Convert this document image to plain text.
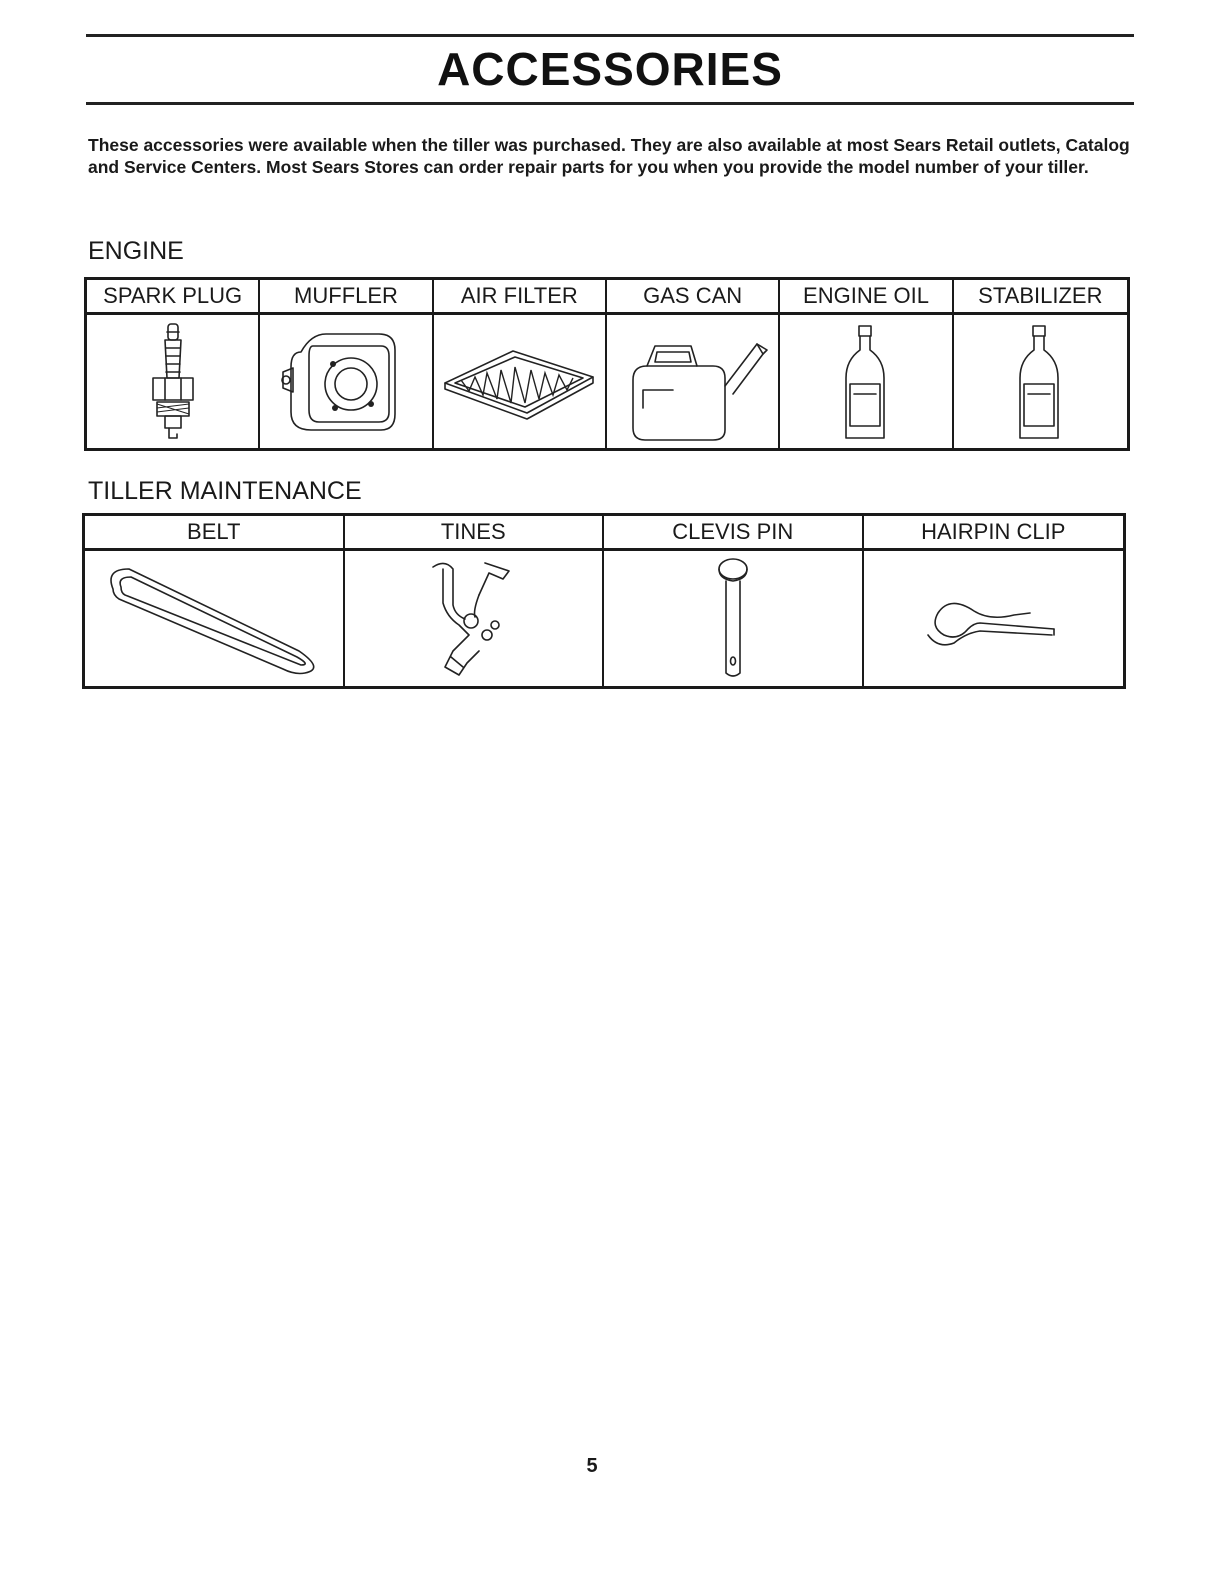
ACCESSORIES
These accessories were available when the tiller was purchased. They are also available at most Sears Retail outlets, Catalog and Service Centers. Most Sears Stores can order repair parts for you when you provide the model number of your tiller.
ENGINE
SPARK PLUG	MUFFLER	AIR FILTER	GAS CAN	ENGINE OIL	STABILIZER
TILLER MAINTENANCE
BELT	TINES	CLEVIS PIN	HAIRPIN CLIP
5
